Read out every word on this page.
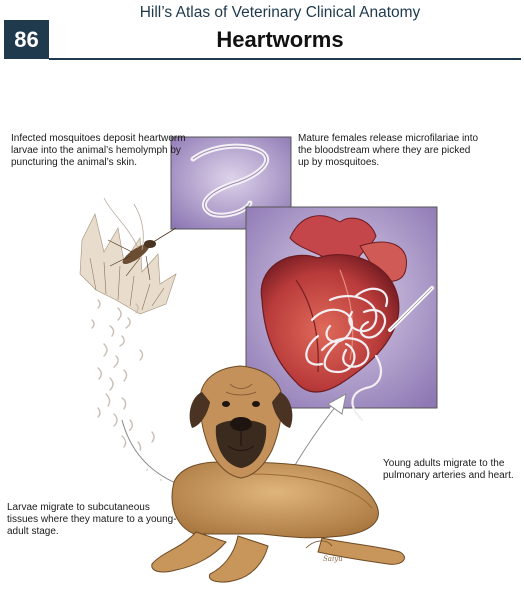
86
Hill’s Atlas of Veterinary Clinical Anatomy
Heartworms
Saiyu

Infected mosquitoes deposit heartworm larvae into the animal’s hemolymph by puncturing the animal’s skin.

Mature females release microfilariae into the bloodstream where they are picked up by mosquitoes.

Young adults migrate to the pulmonary arteries and heart.

Larvae migrate to subcutaneous tissues where they mature to a young-adult stage.
